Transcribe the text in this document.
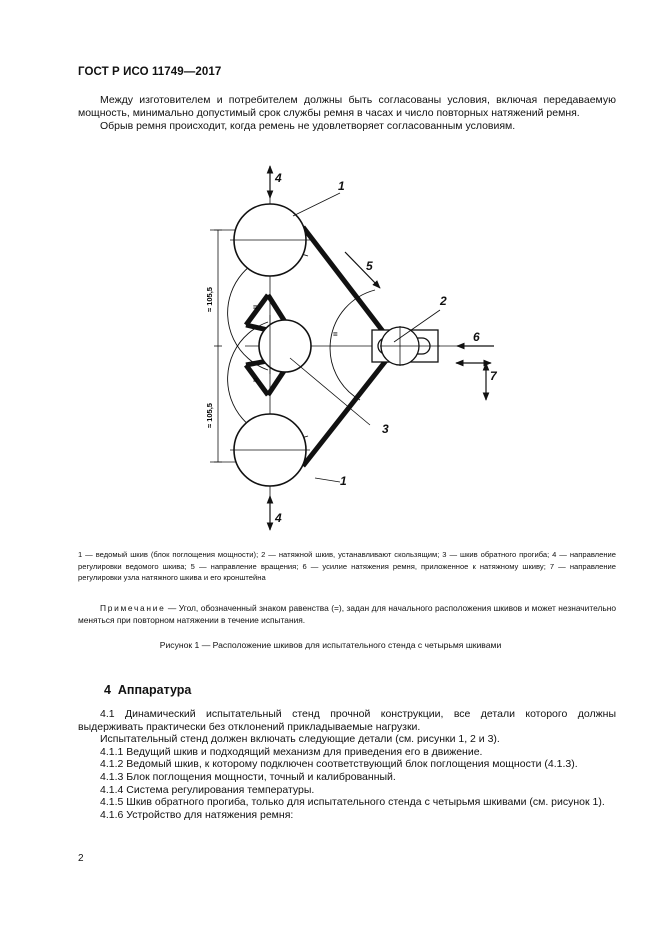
ГОСТ Р ИСО 11749—2017

Между изготовителем и потребителем должны быть согласованы условия, включая передаваемую мощность, минимально допустимый срок службы ремня в часах и число повторных натяжений ремня.

Обрыв ремня происходит, когда ремень не удовлетворяет согласованным условиям.

≈ 105,5
≈ 105,5
=
=
=
1
2
3
4
5
6
7
1
4
1 — ведомый шкив (блок поглощения мощности); 2 — натяжной шкив, устанавливают скользящим; 3 — шкив обратного прогиба; 4 — направление регулировки ведомого шкива; 5 — направление вращения; 6 — усилие натяжения ремня, приложенное к натяжному шкиву; 7 — направление регулировки узла натяжного шкива и его кронштейна
Примечание — Угол, обозначенный знаком равенства (=), задан для начального расположения шкивов и может незначительно меняться при повторном натяжении в течение испытания.
Рисунок 1 — Расположение шкивов для испытательного стенда с четырьмя шкивами
4 Аппаратура

4.1 Динамический испытательный стенд прочной конструкции, все детали которого должны выдерживать практически без отклонений прикладываемые нагрузки.

Испытательный стенд должен включать следующие детали (см. рисунки 1, 2 и 3).

4.1.1 Ведущий шкив и подходящий механизм для приведения его в движение.

4.1.2 Ведомый шкив, к которому подключен соответствующий блок поглощения мощности (4.1.3).

4.1.3 Блок поглощения мощности, точный и калиброванный.

4.1.4 Система регулирования температуры.

4.1.5 Шкив обратного прогиба, только для испытательного стенда с четырьмя шкивами (см. рисунок 1).

4.1.6 Устройство для натяжения ремня:

2
